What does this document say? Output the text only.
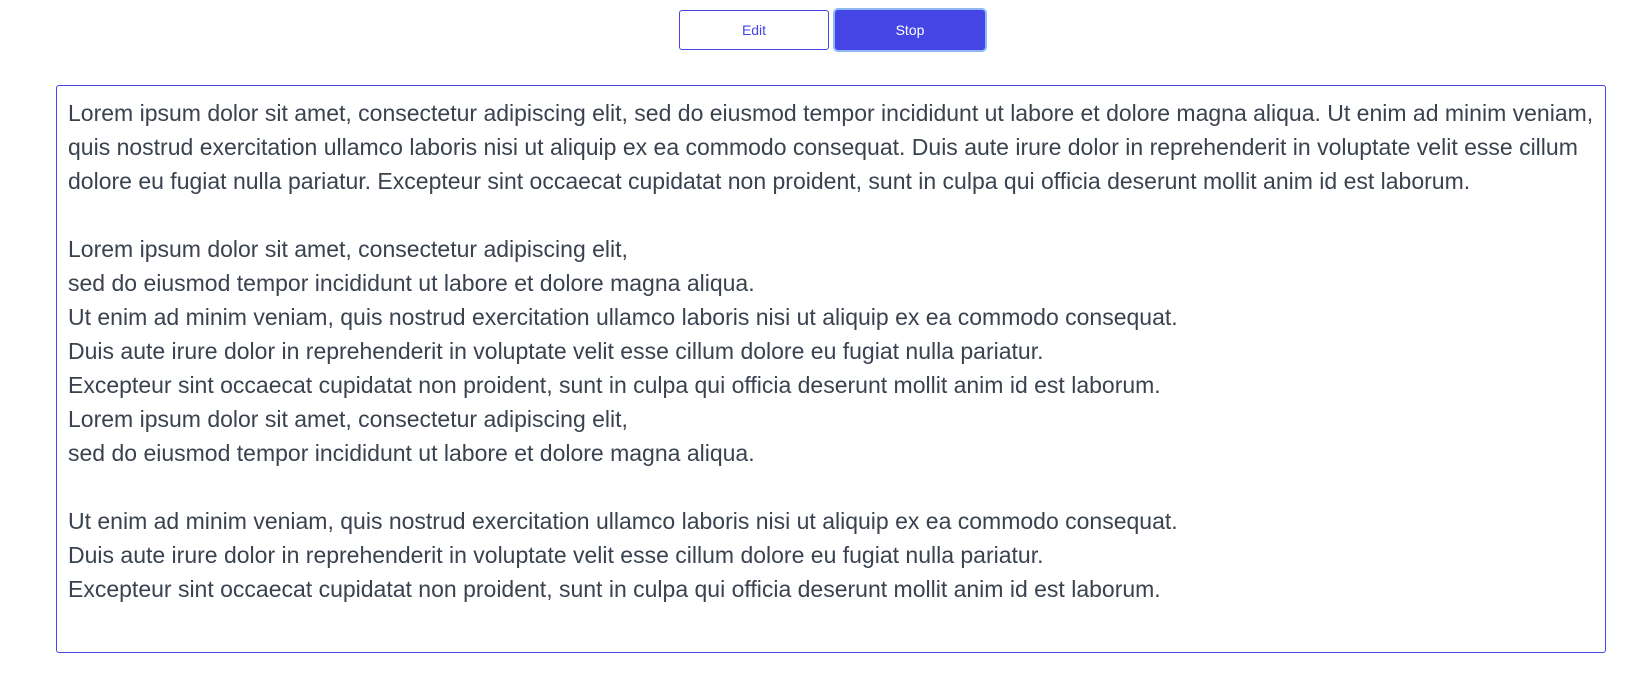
Edit	Stop

Lorem ipsum dolor sit amet, consectetur adipiscing elit, sed do eiusmod tempor incididunt ut labore et dolore magna aliqua. Ut enim ad minim veniam, quis nostrud exercitation ullamco laboris nisi ut aliquip ex ea commodo consequat. Duis aute irure dolor in reprehenderit in voluptate velit esse cillum dolore eu fugiat nulla pariatur. Excepteur sint occaecat cupidatat non proident, sunt in culpa qui officia deserunt mollit anim id est laborum.

Lorem ipsum dolor sit amet, consectetur adipiscing elit,

sed do eiusmod tempor incididunt ut labore et dolore magna aliqua.

Ut enim ad minim veniam, quis nostrud exercitation ullamco laboris nisi ut aliquip ex ea commodo consequat.

Duis aute irure dolor in reprehenderit in voluptate velit esse cillum dolore eu fugiat nulla pariatur.

Excepteur sint occaecat cupidatat non proident, sunt in culpa qui officia deserunt mollit anim id est laborum.

Lorem ipsum dolor sit amet, consectetur adipiscing elit,

sed do eiusmod tempor incididunt ut labore et dolore magna aliqua.

Ut enim ad minim veniam, quis nostrud exercitation ullamco laboris nisi ut aliquip ex ea commodo consequat.

Duis aute irure dolor in reprehenderit in voluptate velit esse cillum dolore eu fugiat nulla pariatur.

Excepteur sint occaecat cupidatat non proident, sunt in culpa qui officia deserunt mollit anim id est laborum.
